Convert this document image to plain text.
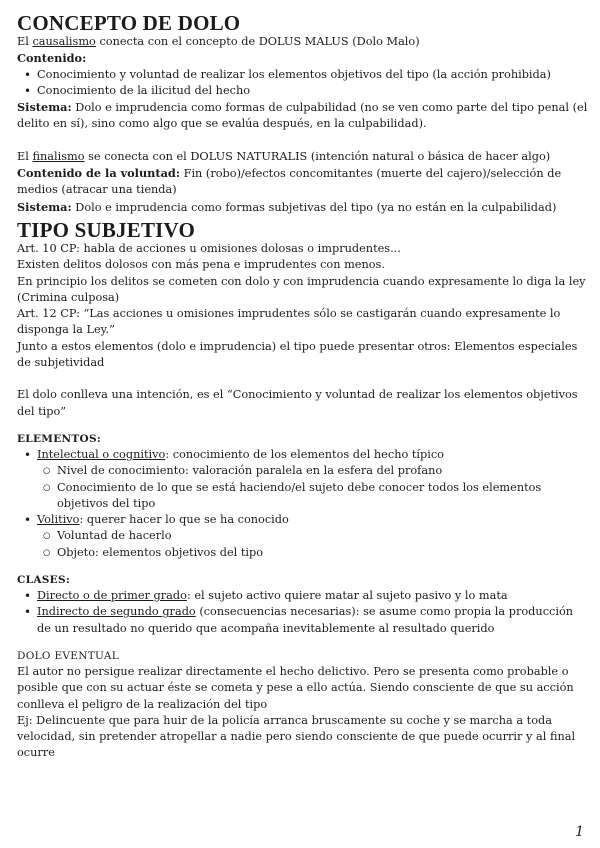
CONCEPTO DE DOLO

El causalismo conecta con el concepto de DOLUS MALUS (Dolo Malo)

Contenido:

• Conocimiento y voluntad de realizar los elementos objetivos del tipo (la acción prohibida)
• Conocimiento de la ilicitud del hecho

Sistema: Dolo e imprudencia como formas de culpabilidad (no se ven como parte del tipo penal (el delito en sí), sino como algo que se evalúa después, en la culpabilidad).

El finalismo se conecta con el DOLUS NATURALIS (intención natural o básica de hacer algo)

Contenido de la voluntad: Fin (robo)/efectos concomitantes (muerte del cajero)/selección de medios (atracar una tienda)

Sistema: Dolo e imprudencia como formas subjetivas del tipo (ya no están en la culpabilidad)

TIPO SUBJETIVO

Art. 10 CP: habla de acciones u omisiones dolosas o imprudentes...

Existen delitos dolosos con más pena e imprudentes con menos.

En principio los delitos se cometen con dolo y con imprudencia cuando expresamente lo diga la ley (Crimina culposa)

Art. 12 CP: “Las acciones u omisiones imprudentes sólo se castigarán cuando expresamente lo disponga la Ley.”

Junto a estos elementos (dolo e imprudencia) el tipo puede presentar otros: Elementos especiales de subjetividad

El dolo conlleva una intención, es el “Conocimiento y voluntad de realizar los elementos objetivos del tipo”

ELEMENTOS:

• Intelectual o cognitivo: conocimiento de los elementos del hecho típico
○ Nivel de conocimiento: valoración paralela en la esfera del profano
○ Conocimiento de lo que se está haciendo/el sujeto debe conocer todos los elementos objetivos del tipo
• Volitivo: querer hacer lo que se ha conocido
○ Voluntad de hacerlo
○ Objeto: elementos objetivos del tipo

CLASES:

• Directo o de primer grado: el sujeto activo quiere matar al sujeto pasivo y lo mata
• Indirecto de segundo grado (consecuencias necesarias): se asume como propia la producción de un resultado no querido que acompaña inevitablemente al resultado querido

DOLO EVENTUAL

El autor no persigue realizar directamente el hecho delictivo. Pero se presenta como probable o posible que con su actuar éste se cometa y pese a ello actúa. Siendo consciente de que su acción conlleva el peligro de la realización del tipo

Ej: Delincuente que para huir de la policía arranca bruscamente su coche y se marcha a toda velocidad, sin pretender atropellar a nadie pero siendo consciente de que puede ocurrir y al final ocurre

1
